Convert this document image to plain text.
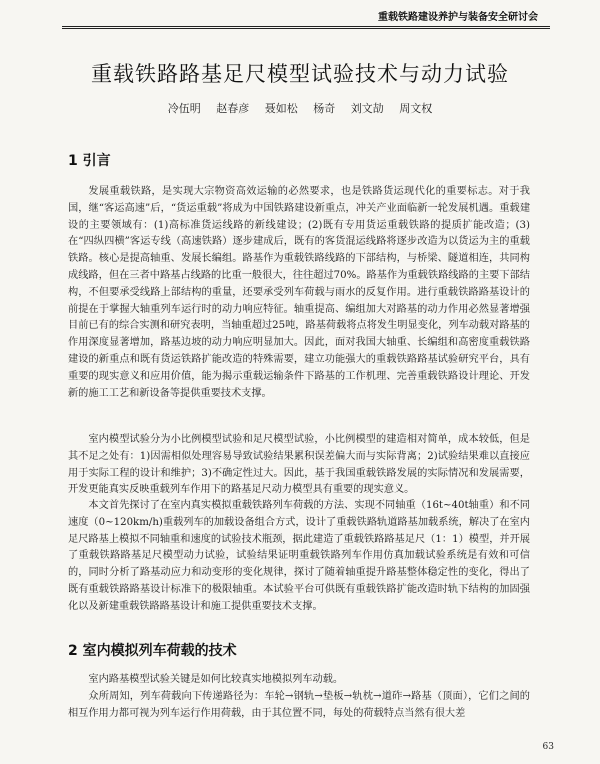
重载铁路建设养护与装备安全研讨会
重载铁路路基足尺模型试验技术与动力试验
冷伍明 赵春彦 聂如松 杨奇 刘文劼 周文权
1 引言

发展重载铁路，是实现大宗物资高效运输的必然要求，也是铁路货运现代化的重要标志。对于我国，继“客运高速”后，“货运重载”将成为中国铁路建设新重点，冲关产业面临新一轮发展机遇。重载建设的主要领域有：(1)高标准货运线路的新线建设；(2)既有专用货运重载铁路的提质扩能改造；(3)在“四纵四横”客运专线（高速铁路）逐步建成后，既有的客货混运线路将逐步改造为以货运为主的重载铁路。核心是提高轴重、发展长编组。路基作为重载铁路线路的下部结构，与桥梁、隧道相连，共同构成线路，但在三者中路基占线路的比重一般很大，往往超过70%。路基作为重载铁路线路的主要下部结构，不但要承受线路上部结构的重量，还要承受列车荷载与雨水的反复作用。进行重载铁路路基设计的前提在于掌握大轴重列车运行时的动力响应特征。轴重提高、编组加大对路基的动力作用必然显著增强目前已有的综合实测和研究表明，当轴重超过25吨，路基荷载将点将发生明显变化，列车动载对路基的作用深度显著增加，路基边坡的动力响应明显加大。因此，面对我国大轴重、长编组和高密度重载铁路建设的新重点和既有货运铁路扩能改造的特殊需要，建立功能强大的重载铁路路基试验研究平台，具有重要的现实意义和应用价值，能为揭示重载运输条件下路基的工作机理、完善重载铁路设计理论、开发新的施工工艺和新设备等提供重要技术支撑。

室内模型试验分为小比例模型试验和足尺模型试验，小比例模型的建造相对简单，成本较低，但是其不足之处有：1)因需相似处理容易导致试验结果累积误差偏大而与实际背离；2)试验结果难以直接应用于实际工程的设计和维护；3)不确定性过大。因此，基于我国重载铁路发展的实际情况和发展需要，开发更能真实反映重载列车作用下的路基足尺动力模型具有重要的现实意义。

本文首先探讨了在室内真实模拟重载铁路列车荷载的方法、实现不同轴重（16t~40t轴重）和不同速度（0~120km/h)重载列车的加载设备组合方式，设计了重载铁路轨道路基加载系统，解决了在室内足尺路基上模拟不同轴重和速度的试验技术瓶颈，据此建造了重载铁路路基足尺（1：1）模型，并开展了重载铁路路基足尺模型动力试验，试验结果证明重载铁路列车作用仿真加载试验系统是有效和可信的，同时分析了路基动应力和动变形的变化规律，探讨了随着轴重提升路基整体稳定性的变化，得出了既有重载铁路路基设计标准下的极限轴重。本试验平台可供既有重载铁路扩能改造时轨下结构的加固强化以及新建重载铁路路基设计和施工提供重要技术支撑。

2 室内模拟列车荷载的技术

室内路基模型试验关键是如何比较真实地模拟列车动载。

众所周知，列车荷载向下传递路径为：车轮→钢轨→垫板→轨枕→道砟→路基（顶面），它们之间的相互作用力都可视为列车运行作用荷载，由于其位置不同，每处的荷载特点当然有很大差

63
